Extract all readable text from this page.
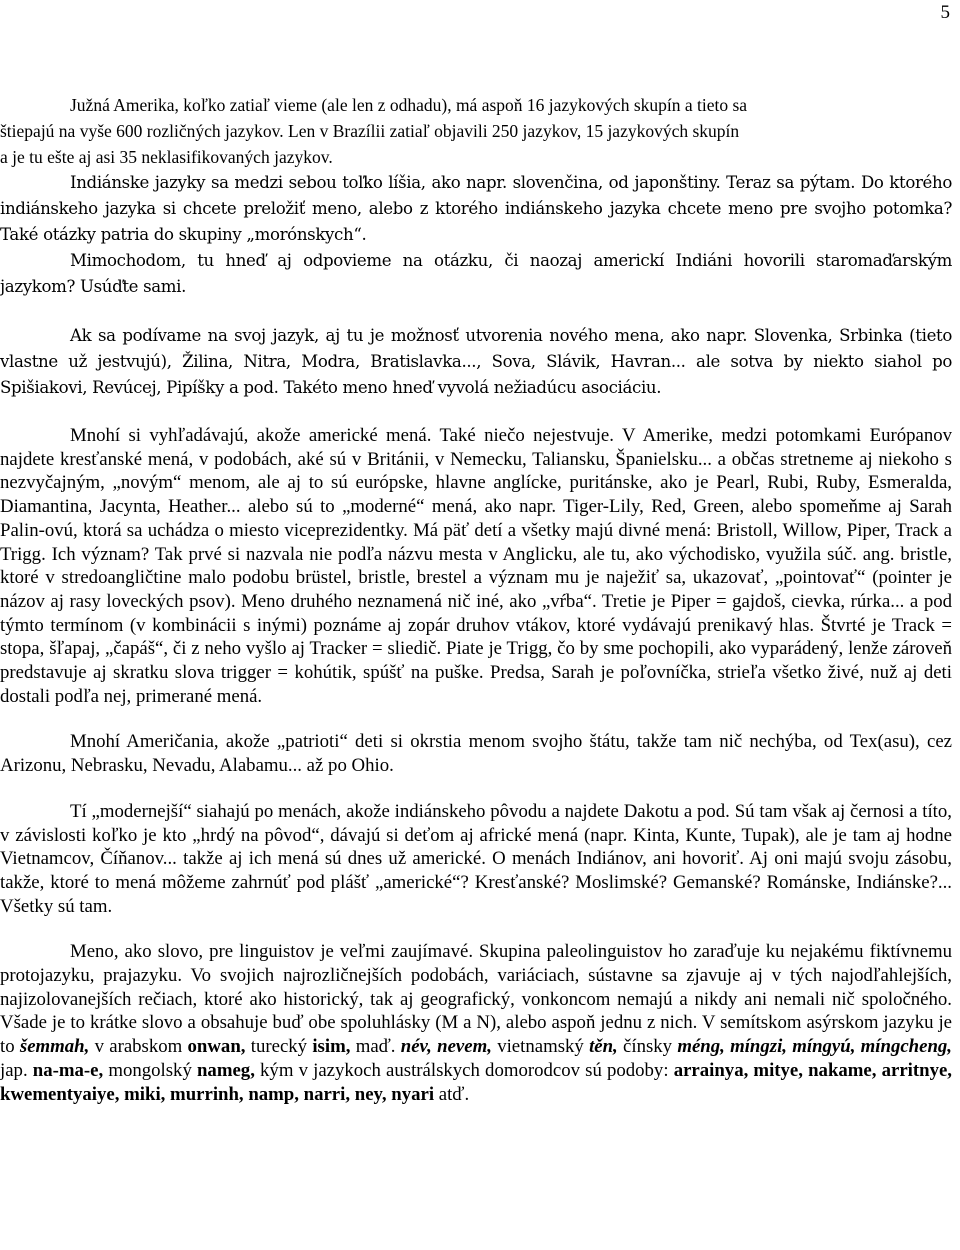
5

Južná Amerika, koľko zatiaľ vieme (ale len z odhadu), má aspoň 16 jazykových skupín a tieto sa
štiepajú na vyše 600 rozličných jazykov. Len v Brazílii zatiaľ objavili 250 jazykov, 15 jazykových skupín
a je tu ešte aj asi 35 neklasifikovaných jazykov.

Indiánske jazyky sa medzi sebou toľko líšia, ako napr. slovenčina, od japonštiny. Teraz sa pýtam. Do ktorého indiánskeho jazyka si chcete preložiť meno, alebo z ktorého indiánskeho jazyka chcete meno pre svojho potomka? Také otázky patria do skupiny „morónskych“.

Mimochodom, tu hneď aj odpovieme na otázku, či naozaj americkí Indiáni hovorili staromaďarským jazykom? Usúďte sami.

Ak sa podívame na svoj jazyk, aj tu je možnosť utvorenia nového mena, ako napr. Slovenka, Srbinka (tieto vlastne už jestvujú), Žilina, Nitra, Modra, Bratislavka..., Sova, Slávik, Havran... ale sotva by niekto siahol po Spišiakovi, Revúcej, Pipíšky a pod. Takéto meno hneď vyvolá nežiadúcu asociáciu.

Mnohí si vyhľadávajú, akože americké mená. Také niečo nejestvuje. V Amerike, medzi potomkami Európanov najdete kresťanské mená, v podobách, aké sú v Británii, v Nemecku, Taliansku, Španielsku... a občas stretneme aj niekoho s nezvyčajným, „novým“ menom, ale aj to sú európske, hlavne anglícke, puritánske, ako je Pearl, Rubi, Ruby, Esmeralda, Diamantina, Jacynta, Heather... alebo sú to „moderné“ mená, ako napr. Tiger-Lily, Red, Green, alebo spomeňme aj Sarah Palin-ovú, ktorá sa uchádza o miesto viceprezidentky. Má päť detí a všetky majú divné mená: Bristoll, Willow, Piper, Track a Trigg. Ich význam? Tak prvé si nazvala nie podľa názvu mesta v Anglicku, ale tu, ako východisko, využila súč. ang. bristle, ktoré v stredoangličtine malo podobu brüstel, bristle, brestel a význam mu je naježiť sa, ukazovať, „pointovať“ (pointer je názov aj rasy loveckých psov). Meno druhého neznamená nič iné, ako „vŕba“. Tretie je Piper = gajdoš, cievka, rúrka... a pod týmto termínom (v kombinácii s inými) poznáme aj zopár druhov vtákov, ktoré vydávajú prenikavý hlas. Štvrté je Track = stopa, šľapaj, „čapáš“, či z neho vyšlo aj Tracker = sliedič. Piate je Trigg, čo by sme pochopili, ako vyparádený, lenže zároveň predstavuje aj skratku slova trigger = kohútik, spúšť na puške. Predsa, Sarah je poľovníčka, strieľa všetko živé, nuž aj deti dostali podľa nej, primerané mená.

Mnohí Američania, akože „patrioti“ deti si okrstia menom svojho štátu, takže tam nič nechýba, od Tex(asu), cez Arizonu, Nebrasku, Nevadu, Alabamu... až po Ohio.

Tí „modernejší“ siahajú po menách, akože indiánskeho pôvodu a najdete Dakotu a pod. Sú tam však aj černosi a títo, v závislosti koľko je kto „hrdý na pôvod“, dávajú si deťom aj africké mená (napr. Kinta, Kunte, Tupak), ale je tam aj hodne Vietnamcov, Číňanov... takže aj ich mená sú dnes už americké. O menách Indiánov, ani hovoriť. Aj oni majú svoju zásobu, takže, ktoré to mená môžeme zahrnúť pod plášť „americké“? Kresťanské? Moslimské? Gemanské? Románske, Indiánske?... Všetky sú tam.

Meno, ako slovo, pre linguistov je veľmi zaujímavé. Skupina paleolinguistov ho zaraďuje ku nejakému fiktívnemu protojazyku, prajazyku. Vo svojich najrozličnejších podobách, variáciach, sústavne sa zjavuje aj v tých najodľahlejších, najizolovanejších rečiach, ktoré ako historický, tak aj geografický, vonkoncom nemajú a nikdy ani nemali nič spoločného. Všade je to krátke slovo a obsahuje buď obe spoluhlásky (M a N), alebo aspoň jednu z nich. V semítskom asýrskom jazyku je to šemmah, v arabskom onwan, turecký isim, maď. név, nevem, vietnamský těn, čínsky méng, míngzi, míngyú, míngcheng, jap. na-ma-e, mongolský nameg, kým v jazykoch austrálskych domorodcov sú podoby: arrainya, mitye, nakame, arritnye, kwementyaiye, miki, murrinh, namp, narri, ney, nyari atď.
